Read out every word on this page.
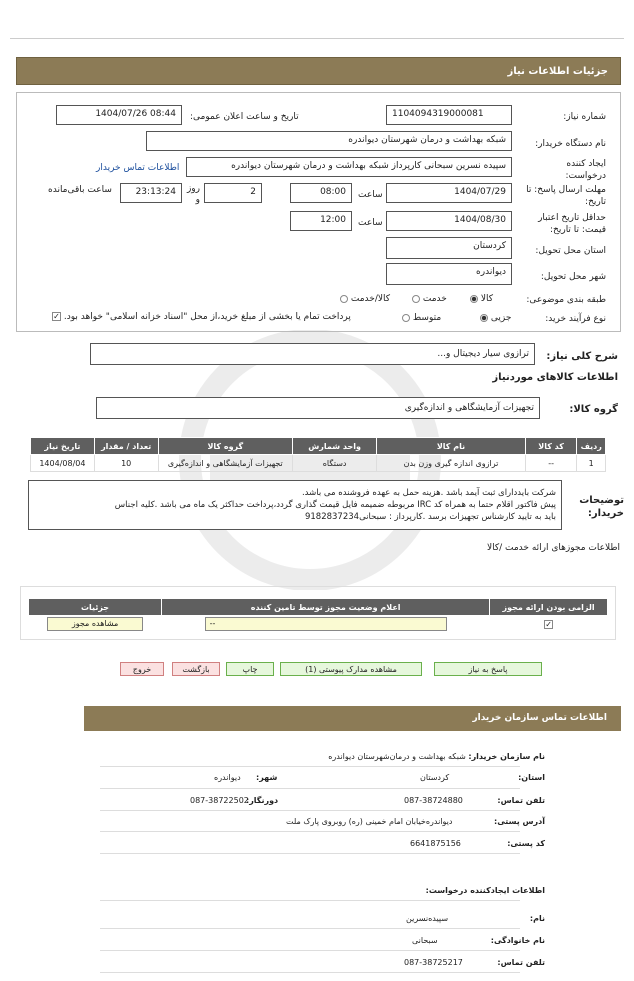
جزئیات اطلاعات نیاز
شماره نیاز:
1104094319000081
تاریخ و ساعت اعلان عمومی:
1404/07/26 08:44
نام دستگاه خریدار:
شبکه بهداشت و درمان شهرستان دیواندره
ایجاد کننده درخواست:
سپیده نسرین سبحانی کارپرداز شبکه بهداشت و درمان شهرستان دیواندره
اطلاعات تماس خریدار
مهلت ارسال پاسخ: تا تاریخ:
1404/07/29
ساعت
08:00
2
روز و
23:13:24
ساعت باقی‌مانده
حداقل تاریخ اعتبار قیمت: تا تاریخ:
1404/08/30
ساعت
12:00
استان محل تحویل:
کردستان
شهر محل تحویل:
دیواندره
طبقه بندی موضوعی:
کالا
خدمت
کالا/خدمت
نوع فرآیند خرید:
جزیی
متوسط
پرداخت تمام یا بخشی از مبلغ خرید،از محل "اسناد خزانه اسلامی" خواهد بود. ✓
شرح کلی نیاز:
ترازوی سیار دیجیتال و...
اطلاعات کالاهای موردنیاز
گروه کالا:
تجهیزات آزمایشگاهی و اندازه‌گیری
ردیف	کد کالا	نام کالا	واحد شمارش	گروه کالا	تعداد / مقدار	تاریخ نیاز
1	--	ترازوی اندازه گیری وزن بدن	دستگاه	تجهیزات آزمایشگاهی و اندازه‌گیری	10	1404/08/04
توضیحات خریدار:
شرکت بایددارای ثبت آیمد باشد .هزینه حمل به عهده فروشنده می باشد.
پیش فاکتور اقلام حتما به همراه کد IRC مربوطه ضمیمه فایل قیمت گذاری گردد،پرداخت حداکثر یک ماه می باشد .کلیه اجناس
باید به تایید کارشناس تجهیزات برسد .کارپرداز : سبحانی9182837234
اطلاعات مجوزهای ارائه خدمت /کالا
الزامی بودن ارائه مجوز	اعلام وضعیت مجوز توسط تامین کننده	جزئیات
✓	--	مشاهده مجوز
پاسخ به نیاز
مشاهده مدارک پیوستی (1)
چاپ
بازگشت
خروج
اطلاعات تماس سازمان خریدار
نام سازمان خریدار: شبکه بهداشت و درمان‌شهرستان دیواندره
استان:
کردستان
شهر:
دیواندره
تلفن تماس:
087-38724880
دورنگار:
087-38722502
آدرس پستی:
دیواندره‌خیابان امام خمینی (ره) روبروی پارک ملت
کد پستی:
6641875156
اطلاعات ایجادکننده درخواست:
نام:
سپیده‌نسرین
نام خانوادگی:
سبحانی
تلفن تماس:
087-38725217
